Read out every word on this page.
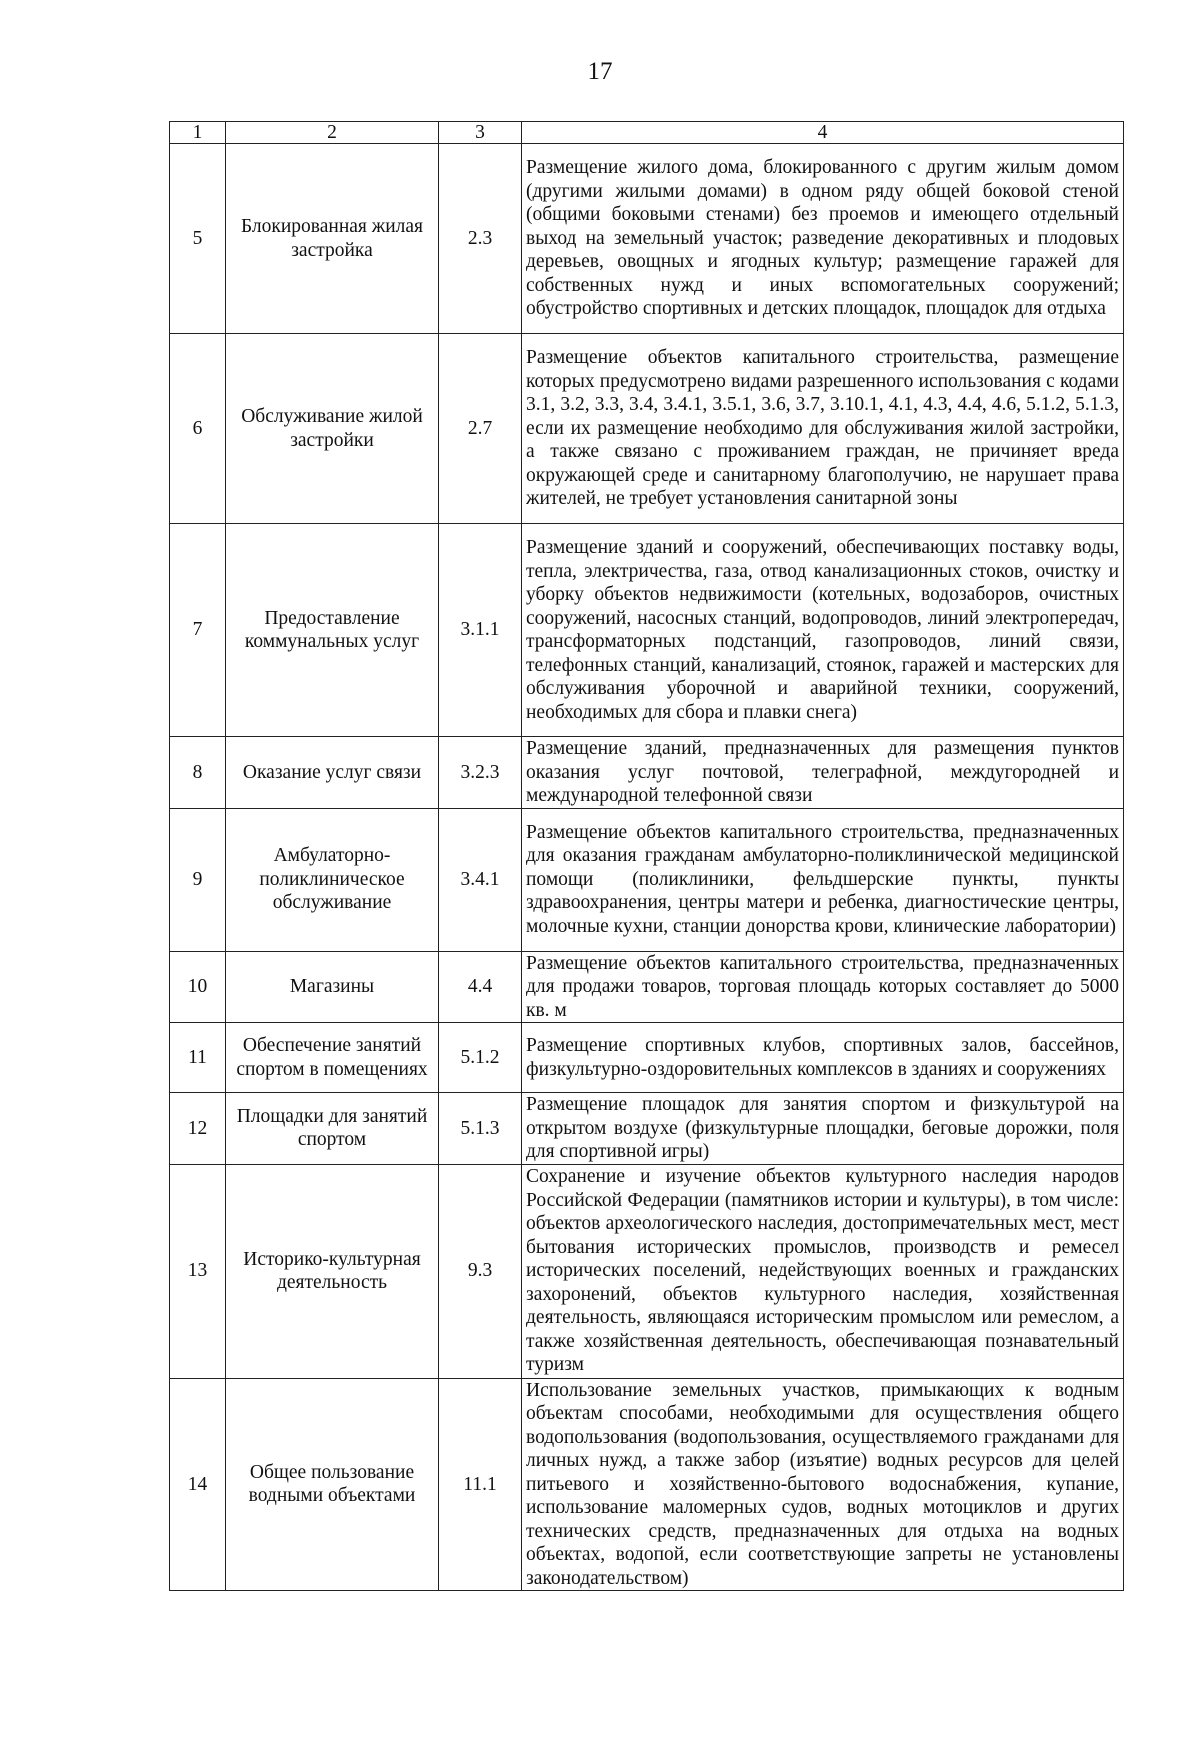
17
1	2	3	4
5	Блокированная жилая застройка	2.3	Размещение жилого дома, блокированного с другим жилым домом (другими жилыми домами) в одном ряду общей боковой стеной (общими боковыми стенами) без проемов и имеющего отдельный выход на земельный участок; разведение декоративных и плодовых деревьев, овощных и ягодных культур; размещение гаражей для собственных нужд и иных вспомогательных сооружений; обустройство спортивных и детских площадок, площадок для отдыха
6	Обслуживание жилой застройки	2.7	Размещение объектов капитального строительства, размещение которых предусмотрено видами разрешенного использования с кодами 3.1, 3.2, 3.3, 3.4, 3.4.1, 3.5.1, 3.6, 3.7, 3.10.1, 4.1, 4.3, 4.4, 4.6, 5.1.2, 5.1.3, если их размещение необходимо для обслуживания жилой застройки, а также связано с проживанием граждан, не причиняет вреда окружающей среде и санитарному благополучию, не нарушает права жителей, не требует установления санитарной зоны
7	Предоставление коммунальных услуг	3.1.1	Размещение зданий и сооружений, обеспечивающих поставку воды, тепла, электричества, газа, отвод канализационных стоков, очистку и уборку объектов недвижимости (котельных, водозаборов, очистных сооружений, насосных станций, водопроводов, линий электропередач, трансформаторных подстанций, газопроводов, линий связи, телефонных станций, канализаций, стоянок, гаражей и мастерских для обслуживания уборочной и аварийной техники, сооружений, необходимых для сбора и плавки снега)
8	Оказание услуг связи	3.2.3	Размещение зданий, предназначенных для размещения пунктов оказания услуг почтовой, телеграфной, междугородней и международной телефонной связи
9	Амбулаторно-поликлиническое обслуживание	3.4.1	Размещение объектов капитального строительства, предназначенных для оказания гражданам амбулаторно-поликлинической медицинской помощи (поликлиники, фельдшерские пункты, пункты здравоохранения, центры матери и ребенка, диагностические центры, молочные кухни, станции донорства крови, клинические лаборатории)
10	Магазины	4.4	Размещение объектов капитального строительства, предназначенных для продажи товаров, торговая площадь которых составляет до 5000 кв. м
11	Обеспечение занятий спортом в помещениях	5.1.2	Размещение спортивных клубов, спортивных залов, бассейнов, физкультурно-оздоровительных комплексов в зданиях и сооружениях
12	Площадки для занятий спортом	5.1.3	Размещение площадок для занятия спортом и физкультурой на открытом воздухе (физкультурные площадки, беговые дорожки, поля для спортивной игры)
13	Историко-культурная деятельность	9.3	Сохранение и изучение объектов культурного наследия народов Российской Федерации (памятников истории и культуры), в том числе: объектов археологического наследия, достопримечательных мест, мест бытования исторических промыслов, производств и ремесел исторических поселений, недействующих военных и гражданских захоронений, объектов культурного наследия, хозяйственная деятельность, являющаяся историческим промыслом или ремеслом, а также хозяйственная деятельность, обеспечивающая познавательный туризм
14	Общее пользование водными объектами	11.1	Использование земельных участков, примыкающих к водным объектам способами, необходимыми для осуществления общего водопользования (водопользования, осуществляемого гражданами для личных нужд, а также забор (изъятие) водных ресурсов для целей питьевого и хозяйственно-бытового водоснабжения, купание, использование маломерных судов, водных мотоциклов и других технических средств, предназначенных для отдыха на водных объектах, водопой, если соответствующие запреты не установлены законодательством)
